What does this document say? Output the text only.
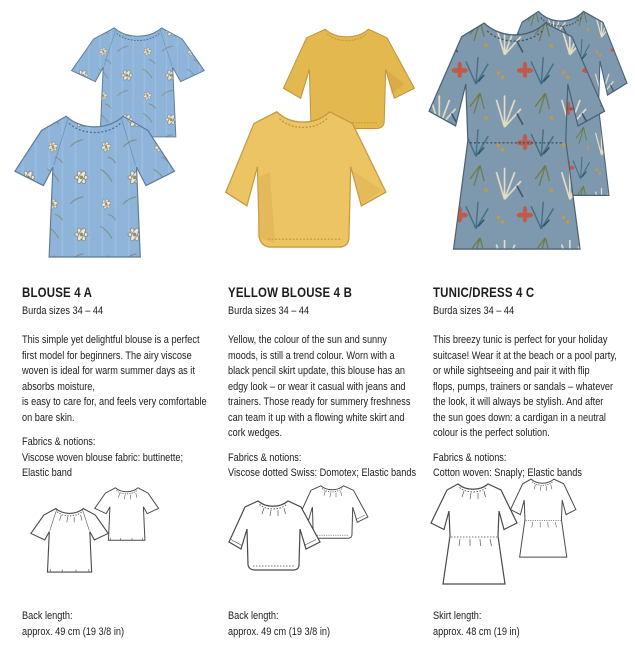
BLOUSE 4 A
Burda sizes 34 – 44
This simple yet delightful blouse is a perfect
first model for beginners. The airy viscose
woven is ideal for warm summer days as it
absorbs moisture,
is easy to care for, and feels very comfortable
on bare skin.
Fabrics & notions:
Viscose woven blouse fabric: buttinette;
Elastic band
Back length:
approx. 49 cm (19 3/8 in)
YELLOW BLOUSE 4 B
Burda sizes 34 – 44
Yellow, the colour of the sun and sunny
moods, is still a trend colour. Worn with a
black pencil skirt update, this blouse has an
edgy look – or wear it casual with jeans and
trainers. Those ready for summery freshness
can team it up with a flowing white skirt and
cork wedges.
Fabrics & notions:
Viscose dotted Swiss: Domotex; Elastic bands
Back length:
approx. 49 cm (19 3/8 in)
TUNIC/DRESS 4 C
Burda sizes 34 – 44
This breezy tunic is perfect for your holiday
suitcase! Wear it at the beach or a pool party,
or while sightseeing and pair it with flip
flops, pumps, trainers or sandals – whatever
the look, it will always be stylish. And after
the sun goes down: a cardigan in a neutral
colour is the perfect solution.
Fabrics & notions:
Cotton woven: Snaply; Elastic bands
Skirt length:
approx. 48 cm (19 in)
